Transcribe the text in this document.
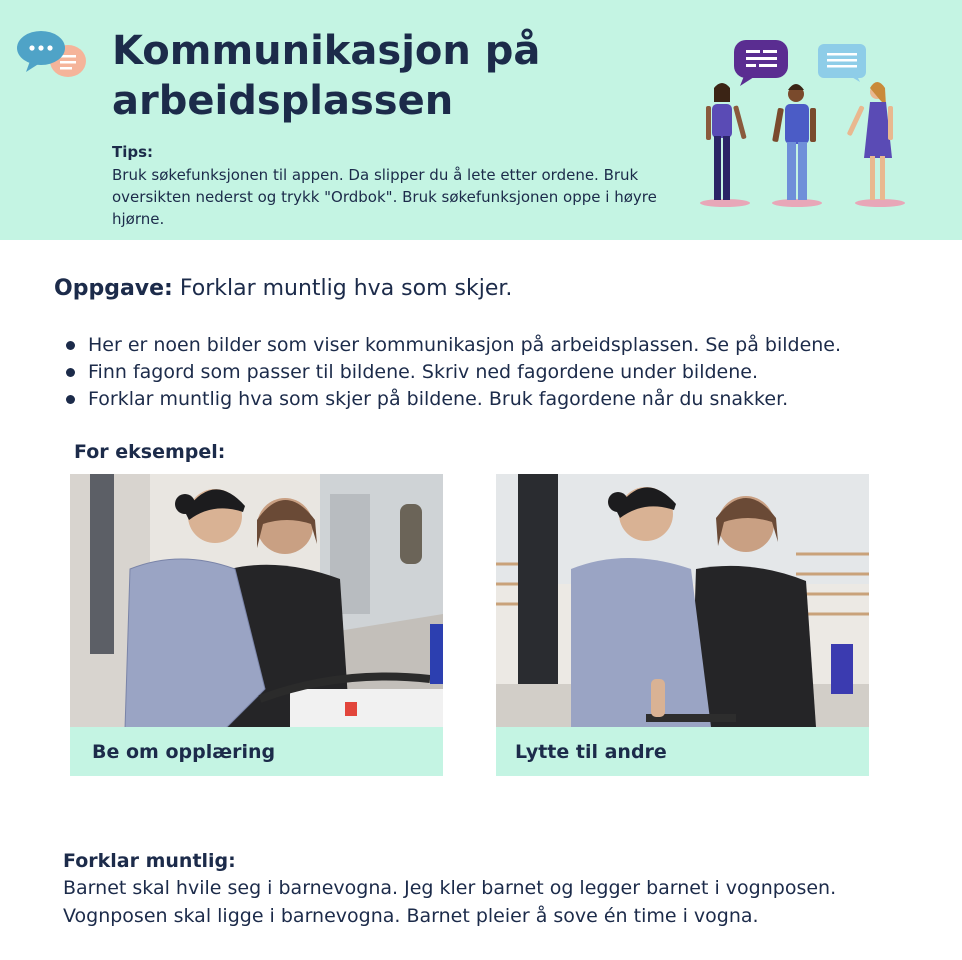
Kommunikasjon på arbeidsplassen
Tips:
Bruk søkefunksjonen til appen. Da slipper du å lete etter ordene. Bruk oversikten nederst og trykk "Ordbok". Bruk søkefunksjonen oppe i høyre hjørne.
Oppgave: Forklar muntlig hva som skjer.
Her er noen bilder som viser kommunikasjon på arbeidsplassen. Se på bildene.
Finn fagord som passer til bildene. Skriv ned fagordene under bildene.
Forklar muntlig hva som skjer på bildene. Bruk fagordene når du snakker.
For eksempel:
Be om opplæring	Lytte til andre
Forklar muntlig:
Barnet skal hvile seg i barnevogna. Jeg kler barnet og legger barnet i vognposen. Vognposen skal ligge i barnevogna. Barnet pleier å sove én time i vogna.
